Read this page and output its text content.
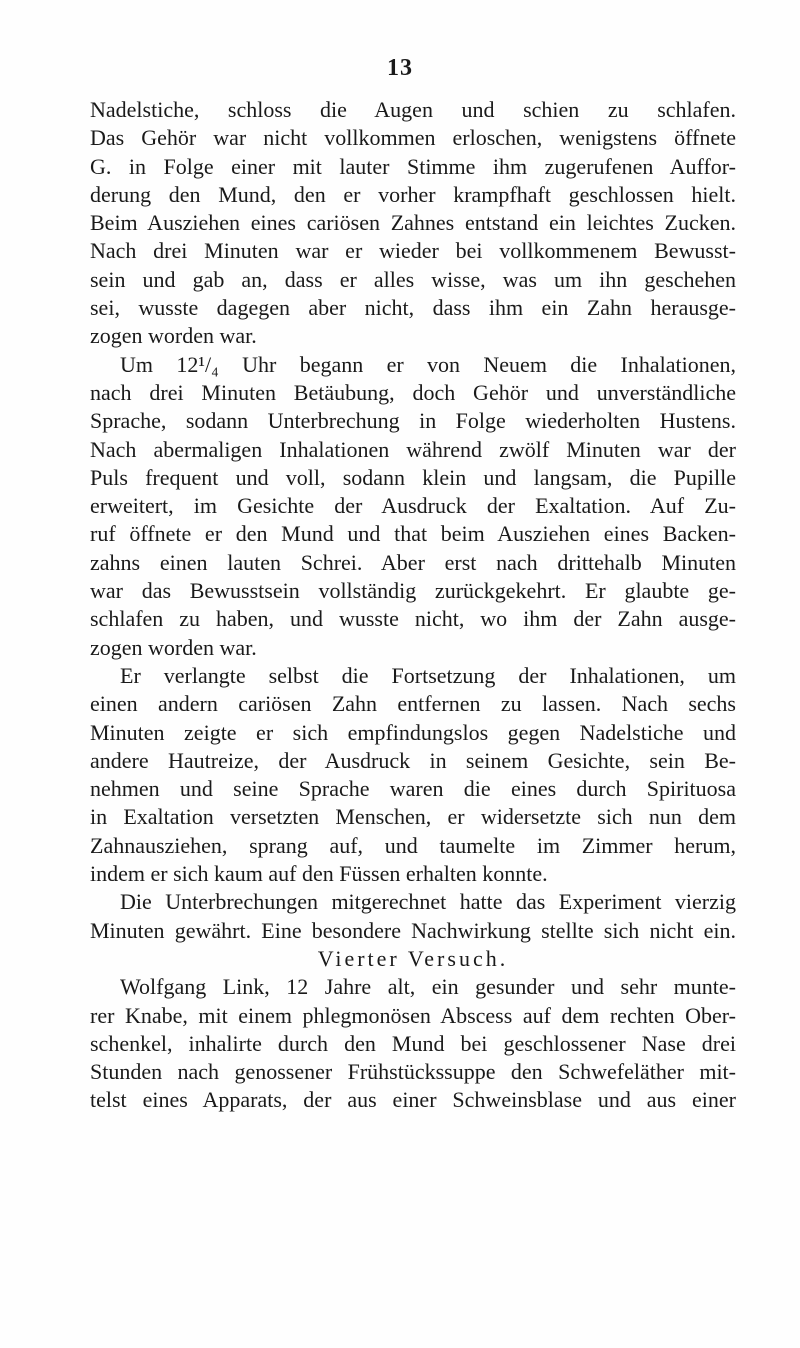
13
Nadelstiche, schloss die Augen und schien zu schlafen.
Das Gehör war nicht vollkommen erloschen, wenigstens öffnete
G. in Folge einer mit lauter Stimme ihm zugerufenen Auffor-
derung den Mund, den er vorher krampfhaft geschlossen hielt.
Beim Ausziehen eines cariösen Zahnes entstand ein leichtes Zucken.
Nach drei Minuten war er wieder bei vollkommenem Bewusst-
sein und gab an, dass er alles wisse, was um ihn geschehen
sei, wusste dagegen aber nicht, dass ihm ein Zahn herausge-
zogen worden war.
Um 12¹/₄ Uhr begann er von Neuem die Inhalationen,
nach drei Minuten Betäubung, doch Gehör und unverständliche
Sprache, sodann Unterbrechung in Folge wiederholten Hustens.
Nach abermaligen Inhalationen während zwölf Minuten war der
Puls frequent und voll, sodann klein und langsam, die Pupille
erweitert, im Gesichte der Ausdruck der Exaltation. Auf Zu-
ruf öffnete er den Mund und that beim Ausziehen eines Backen-
zahns einen lauten Schrei. Aber erst nach drittehalb Minuten
war das Bewusstsein vollständig zurückgekehrt. Er glaubte ge-
schlafen zu haben, und wusste nicht, wo ihm der Zahn ausge-
zogen worden war.
Er verlangte selbst die Fortsetzung der Inhalationen, um
einen andern cariösen Zahn entfernen zu lassen. Nach sechs
Minuten zeigte er sich empfindungslos gegen Nadelstiche und
andere Hautreize, der Ausdruck in seinem Gesichte, sein Be-
nehmen und seine Sprache waren die eines durch Spirituosa
in Exaltation versetzten Menschen, er widersetzte sich nun dem
Zahnausziehen, sprang auf, und taumelte im Zimmer herum,
indem er sich kaum auf den Füssen erhalten konnte.
Die Unterbrechungen mitgerechnet hatte das Experiment vierzig
Minuten gewährt. Eine besondere Nachwirkung stellte sich nicht ein.
Vierter Versuch.
Wolfgang Link, 12 Jahre alt, ein gesunder und sehr munte-
rer Knabe, mit einem phlegmonösen Abscess auf dem rechten Ober-
schenkel, inhalirte durch den Mund bei geschlossener Nase drei
Stunden nach genossener Frühstückssuppe den Schwefeläther mit-
telst eines Apparats, der aus einer Schweinsblase und aus einer
